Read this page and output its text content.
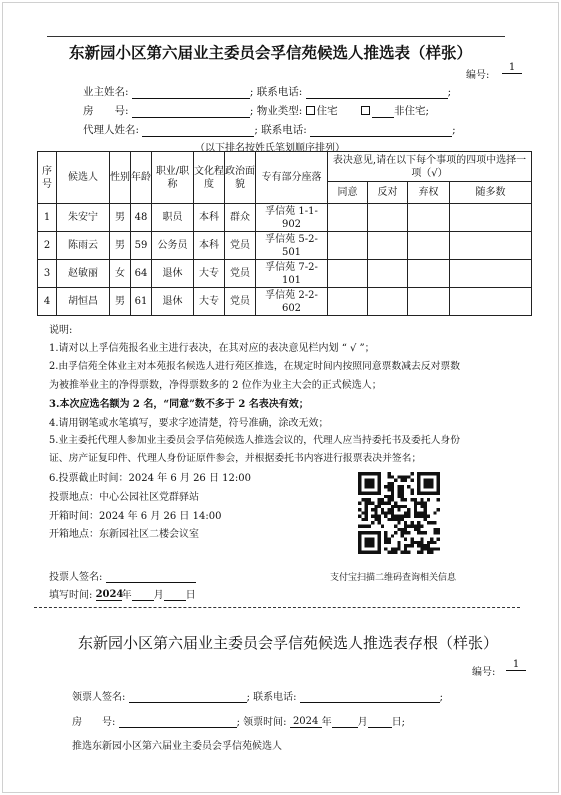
东新园小区第六届业主委员会孚信苑候选人推选表（样张）
编号:
1
业主姓名:	; 联系电话:	;
房　　号:	; 物业类型: 住宅	非住宅;
代理人姓名:	; 联系电话:	;
（以下排名按姓氏笔划顺序排列）
序号	候选人	性别	年龄	职业/职称	文化程度	政治面貌	专有部分座落	表决意见,请在以下每个事项的四项中选择一项（√）			
								同意	反对	弃权	随多数
1	朱安宁	男	48	职员	本科	群众	孚信苑 1-1-902				
2	陈雨云	男	59	公务员	本科	党员	孚信苑 5-2-501				
3	赵敏丽	女	64	退休	大专	党员	孚信苑 7-2-101				
4	胡恒昌	男	61	退休	大专	党员	孚信苑 2-2-602				
说明:
1.请对以上孚信苑报名业主进行表决，在其对应的表决意见栏内划 “ √ ”；
2.由孚信苑全体业主对本苑报名候选人进行苑区推选，在规定时间内按照同意票数减去反对票数
为被推举业主的净得票数，净得票数多的 2 位作为业主大会的正式候选人；
3.本次应选名额为 2 名，“同意”数不多于 2 名表决有效；
4.请用钢笔或水笔填写，要求字迹清楚，符号准确，涂改无效；
5.业主委托代理人参加业主委员会孚信苑候选人推选会议的，代理人应当持委托书及委托人身份
证、房产证复印件、代理人身份证原件参会，并根据委托书内容进行报票表决并签名；
6.投票截止时间：2024 年 6 月 26 日 12:00
投票地点：中心公园社区党群驿站
开箱时间：2024 年 6 月 26 日 14:00
开箱地点：东新园社区二楼会议室
支付宝扫描二维码查询相关信息
投票人签名:
填写时间: 2024年 月 日
东新园小区第六届业主委员会孚信苑候选人推选表存根（样张）
编号:
1
领票人签名:	; 联系电话:	;
房　　号:	; 领票时间: 2024 年	月 日;
推选东新园小区第六届业主委员会孚信苑候选人
